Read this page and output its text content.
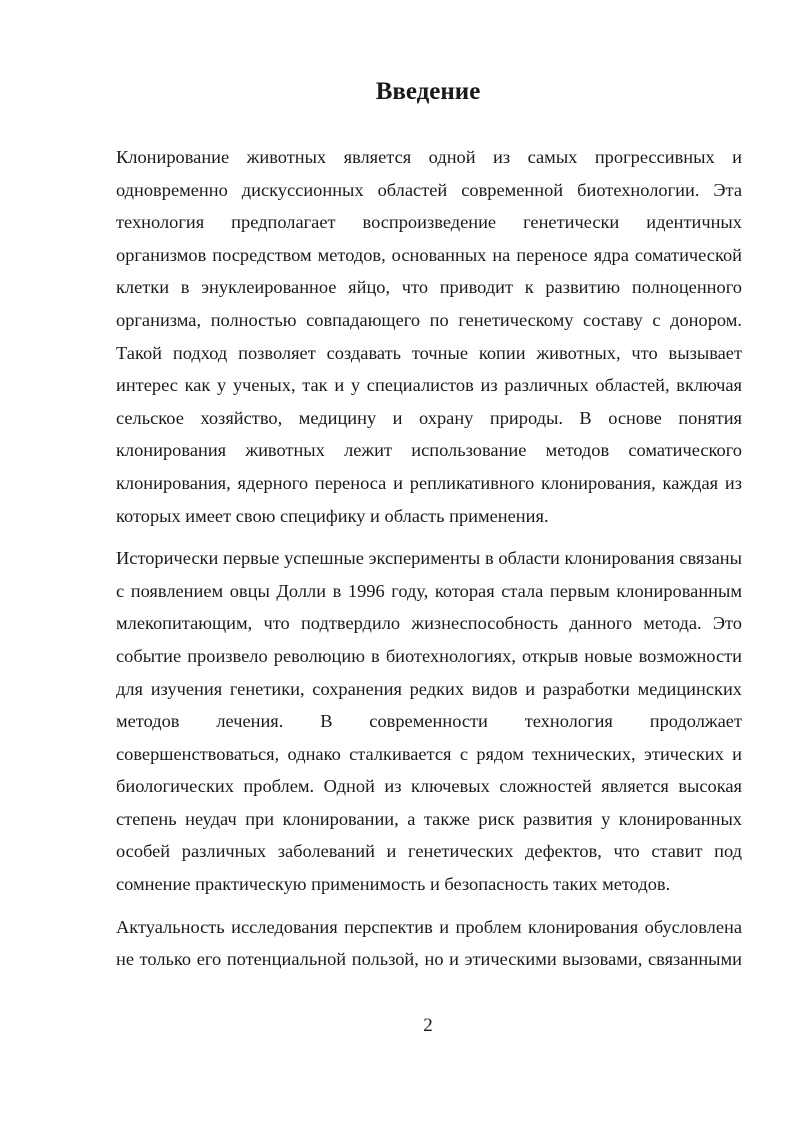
Введение

Клонирование животных является одной из самых прогрессивных и одновременно дискуссионных областей современной биотехнологии. Эта технология предполагает воспроизведение генетически идентичных организмов посредством методов, основанных на переносе ядра соматической клетки в энуклеированное яйцо, что приводит к развитию полноценного организма, полностью совпадающего по генетическому составу с донором. Такой подход позволяет создавать точные копии животных, что вызывает интерес как у ученых, так и у специалистов из различных областей, включая сельское хозяйство, медицину и охрану природы. В основе понятия клонирования животных лежит использование методов соматического клонирования, ядерного переноса и репликативного клонирования, каждая из которых имеет свою специфику и область применения.

Исторически первые успешные эксперименты в области клонирования связаны с появлением овцы Долли в 1996 году, которая стала первым клонированным млекопитающим, что подтвердило жизнеспособность данного метода. Это событие произвело революцию в биотехнологиях, открыв новые возможности для изучения генетики, сохранения редких видов и разработки медицинских методов лечения. В современности технология продолжает совершенствоваться, однако сталкивается с рядом технических, этических и биологических проблем. Одной из ключевых сложностей является высокая степень неудач при клонировании, а также риск развития у клонированных особей различных заболеваний и генетических дефектов, что ставит под сомнение практическую применимость и безопасность таких методов.

Актуальность исследования перспектив и проблем клонирования обусловлена не только его потенциальной пользой, но и этическими вызовами, связанными

2
